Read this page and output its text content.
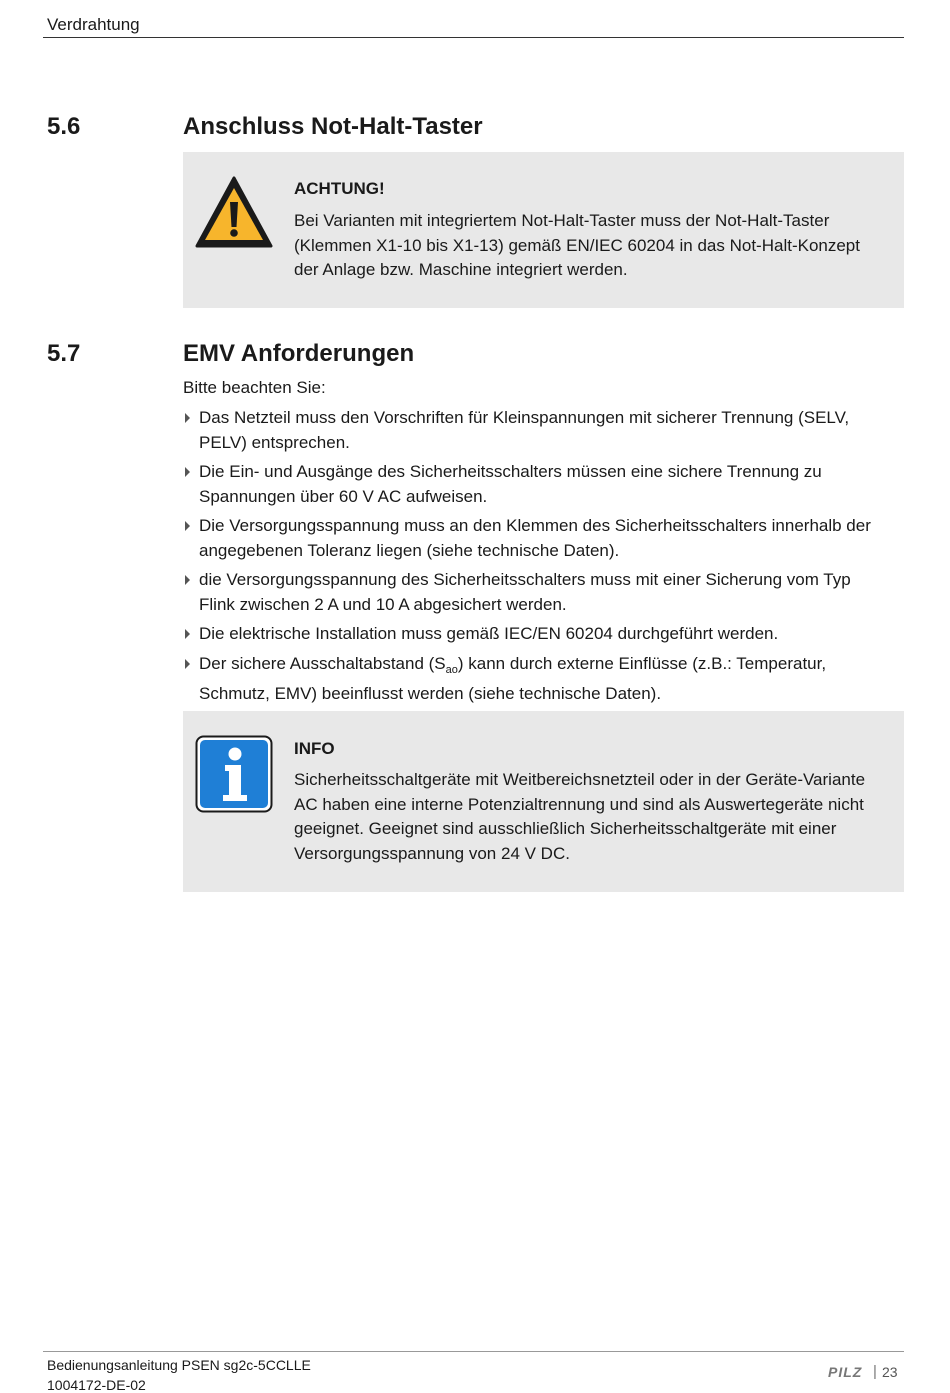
Verdrahtung
5.6	Anschluss Not-Halt-Taster
ACHTUNG!
Bei Varianten mit integriertem Not-Halt-Taster muss der Not-Halt-Taster
(Klemmen X1-10 bis X1-13) gemäß EN/IEC 60204 in das Not-Halt-Konzept
der Anlage bzw. Maschine integriert werden.
5.7	EMV Anforderungen
Bitte beachten Sie:
Das Netzteil muss den Vorschriften für Kleinspannungen mit sicherer Trennung (SELV,
PELV) entsprechen.
Die Ein- und Ausgänge des Sicherheitsschalters müssen eine sichere Trennung zu
Spannungen über 60 V AC aufweisen.
Die Versorgungsspannung muss an den Klemmen des Sicherheitsschalters innerhalb der
angegebenen Toleranz liegen (siehe technische Daten).
die Versorgungsspannung des Sicherheitsschalters muss mit einer Sicherung vom Typ
Flink zwischen 2 A und 10 A abgesichert werden.
Die elektrische Installation muss gemäß IEC/EN 60204 durchgeführt werden.
Der sichere Ausschaltabstand $(S_{ao})$ kann durch externe Einflüsse (z.B.: Temperatur,
Schmutz, EMV) beeinflusst werden (siehe technische Daten).
INFO
Sicherheitsschaltgeräte mit Weitbereichsnetzteil oder in der Geräte-Variante
AC haben eine interne Potenzialtrennung und sind als Auswertegeräte nicht
geeignet. Geeignet sind ausschließlich Sicherheitsschaltgeräte mit einer
Versorgungsspannung von 24 V DC.
Bedienungsanleitung PSEN sg2c-5CCLLE
1004172-DE-02
PILZ | 23
